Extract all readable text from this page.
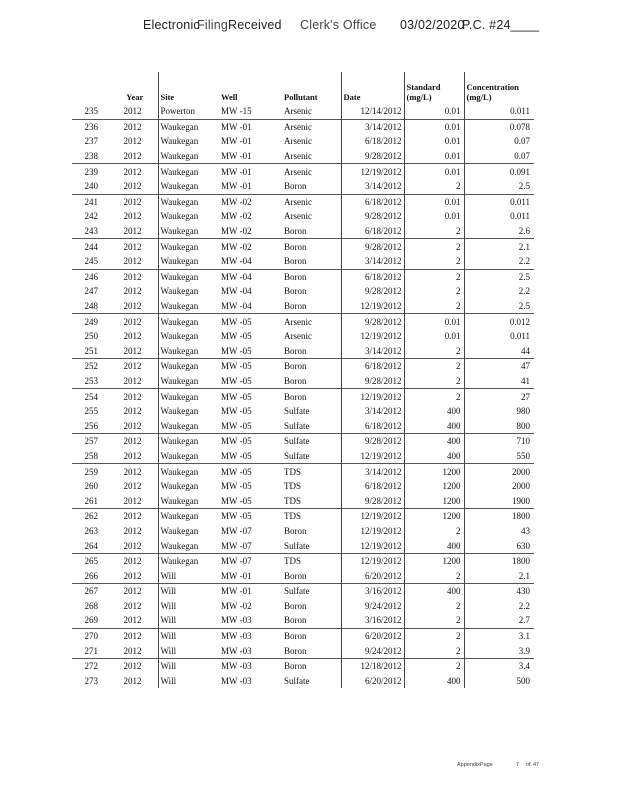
Electronic
Filing Received Clerk's Office 03/02/2020
P.C. #24____
	Year	Site	Well	Pollutant	Date	Standard (mg/L)	Concentration (mg/L)
235	2012	Powerton	MW -15	Arsenic	12/14/2012	0.01	0.011
236	2012	Waukegan	MW -01	Arsenic	3/14/2012	0.01	0.078
237	2012	Waukegan	MW -01	Arsenic	6/18/2012	0.01	0.07
238	2012	Waukegan	MW -01	Arsenic	9/28/2012	0.01	0.07
239	2012	Waukegan	MW -01	Arsenic	12/19/2012	0.01	0.091
240	2012	Waukegan	MW -01	Boron	3/14/2012	2	2.5
241	2012	Waukegan	MW -02	Arsenic	6/18/2012	0.01	0.011
242	2012	Waukegan	MW -02	Arsenic	9/28/2012	0.01	0.011
243	2012	Waukegan	MW -02	Boron	6/18/2012	2	2.6
244	2012	Waukegan	MW -02	Boron	9/28/2012	2	2.1
245	2012	Waukegan	MW -04	Boron	3/14/2012	2	2.2
246	2012	Waukegan	MW -04	Boron	6/18/2012	2	2.5
247	2012	Waukegan	MW -04	Boron	9/28/2012	2	2.2
248	2012	Waukegan	MW -04	Boron	12/19/2012	2	2.5
249	2012	Waukegan	MW -05	Arsenic	9/28/2012	0.01	0.012
250	2012	Waukegan	MW -05	Arsenic	12/19/2012	0.01	0.011
251	2012	Waukegan	MW -05	Boron	3/14/2012	2	44
252	2012	Waukegan	MW -05	Boron	6/18/2012	2	47
253	2012	Waukegan	MW -05	Boron	9/28/2012	2	41
254	2012	Waukegan	MW -05	Boron	12/19/2012	2	27
255	2012	Waukegan	MW -05	Sulfate	3/14/2012	400	980
256	2012	Waukegan	MW -05	Sulfate	6/18/2012	400	800
257	2012	Waukegan	MW -05	Sulfate	9/28/2012	400	710
258	2012	Waukegan	MW -05	Sulfate	12/19/2012	400	550
259	2012	Waukegan	MW -05	TDS	3/14/2012	1200	2000
260	2012	Waukegan	MW -05	TDS	6/18/2012	1200	2000
261	2012	Waukegan	MW -05	TDS	9/28/2012	1200	1900
262	2012	Waukegan	MW -05	TDS	12/19/2012	1200	1800
263	2012	Waukegan	MW -07	Boron	12/19/2012	2	43
264	2012	Waukegan	MW -07	Sulfate	12/19/2012	400	630
265	2012	Waukegan	MW -07	TDS	12/19/2012	1200	1800
266	2012	Will	MW -01	Boron	6/20/2012	2	2.1
267	2012	Will	MW -01	Sulfate	3/16/2012	400	430
268	2012	Will	MW -02	Boron	9/24/2012	2	2.2
269	2012	Will	MW -03	Boron	3/16/2012	2	2.7
270	2012	Will	MW -03	Boron	6/20/2012	2	3.1
271	2012	Will	MW -03	Boron	9/24/2012	2	3.9
272	2012	Will	MW -03	Boron	12/18/2012	2	3.4
273	2012	Will	MW -03	Sulfate	6/20/2012	400	500
AppendixPage	7 of 47
